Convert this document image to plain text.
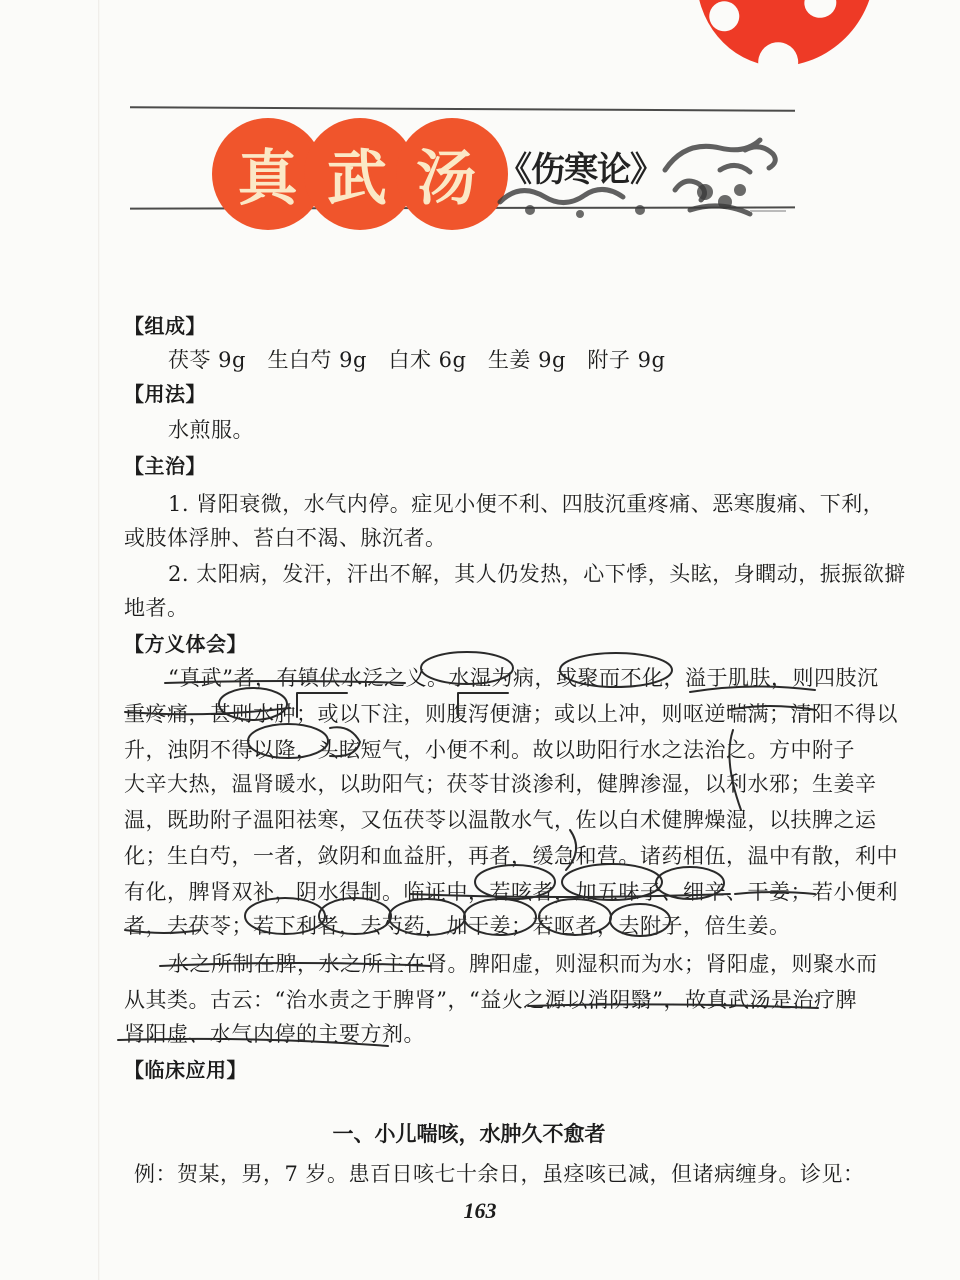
真 武 汤 《伤寒论》

【组成】
茯苓 9g　生白芍 9g　白术 6g　生姜 9g　附子 9g
【用法】
水煎服。
【主治】
1. 肾阳衰微，水气内停。症见小便不利、四肢沉重疼痛、恶寒腹痛、下利，
或肢体浮肿、苔白不渴、脉沉者。
2. 太阳病，发汗，汗出不解，其人仍发热，心下悸，头眩，身瞤动，振振欲擗
地者。
【方义体会】
“真武”者，有镇伏水泛之义。水湿为病，或聚而不化，溢于肌肤，则四肢沉
重疼痛，甚则水肿；或以下注，则腹泻便溏；或以上冲，则呕逆喘满；清阳不得以
升，浊阴不得以降，头眩短气，小便不利。故以助阳行水之法治之。方中附子
大辛大热，温肾暖水，以助阳气；茯苓甘淡渗利，健脾渗湿，以利水邪；生姜辛
温，既助附子温阳祛寒，又伍茯苓以温散水气，佐以白术健脾燥湿，以扶脾之运
化；生白芍，一者，敛阴和血益肝，再者，缓急和营。诸药相伍，温中有散，利中
有化，脾肾双补，阴水得制。临证中，若咳者，加五味子、细辛、干姜；若小便利
者，去茯苓；若下利者，去芍药，加干姜；若呕者，去附子，倍生姜。
水之所制在脾，水之所主在肾。脾阳虚，则湿积而为水；肾阳虚，则聚水而
从其类。古云：“治水责之于脾肾”，“益火之源以消阴翳”，故真武汤是治疗脾
肾阳虚、水气内停的主要方剂。
【临床应用】
一、小儿喘咳，水肿久不愈者
例：贺某，男，7 岁。患百日咳七十余日，虽痉咳已减，但诸病缠身。诊见：
163
